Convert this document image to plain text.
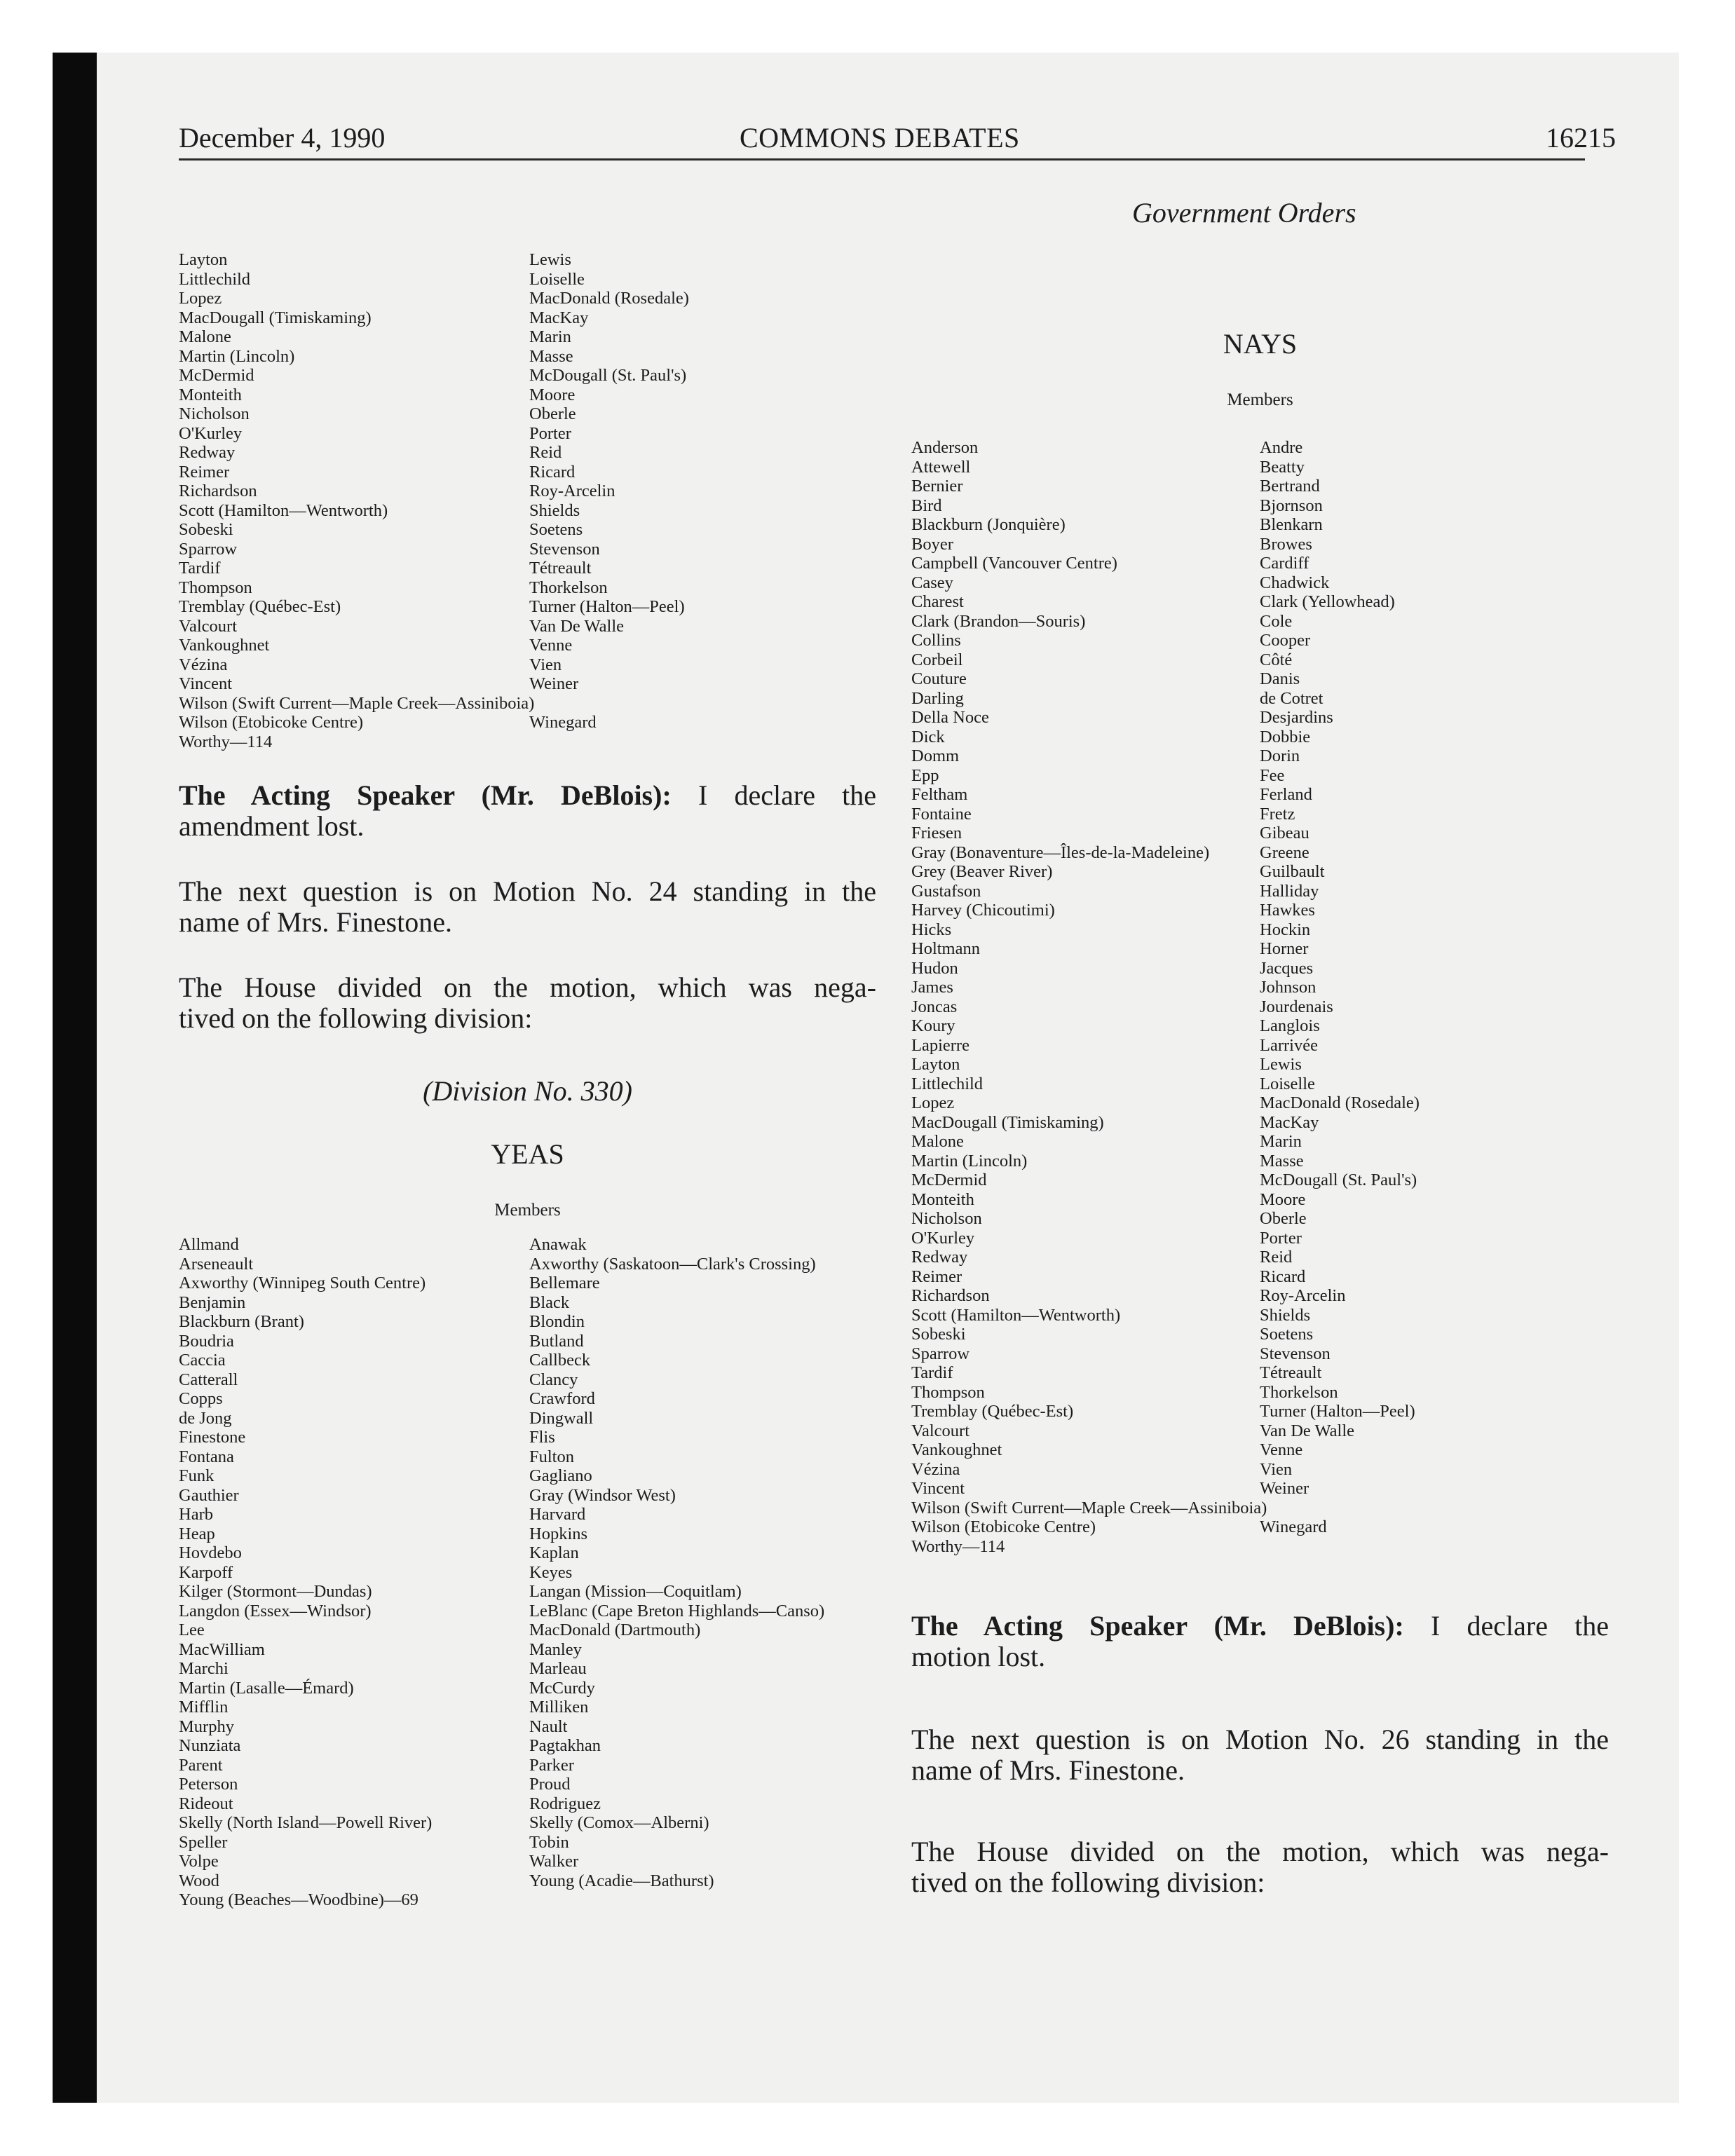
December 4, 1990	COMMONS DEBATES	16215
Government Orders
Layton
Littlechild
Lopez
MacDougall (Timiskaming)
Malone
Martin (Lincoln)
McDermid
Monteith
Nicholson
O'Kurley
Redway
Reimer
Richardson
Scott (Hamilton—Wentworth)
Sobeski
Sparrow
Tardif
Thompson
Tremblay (Québec-Est)
Valcourt
Vankoughnet
Vézina
Vincent
Lewis
Loiselle
MacDonald (Rosedale)
MacKay
Marin
Masse
McDougall (St. Paul's)
Moore
Oberle
Porter
Reid
Ricard
Roy-Arcelin
Shields
Soetens
Stevenson
Tétreault
Thorkelson
Turner (Halton—Peel)
Van De Walle
Venne
Vien
Weiner
Wilson (Swift Current—Maple Creek—Assiniboia)
Wilson (Etobicoke Centre)
Worthy—114
Winegard
The Acting Speaker (Mr. DeBlois): I declare the
amendment lost.
The next question is on Motion No. 24 standing in the
name of Mrs. Finestone.
The House divided on the motion, which was nega-
tived on the following division:
(Division No. 330)
YEAS
Members
Allmand
Arseneault
Axworthy (Winnipeg South Centre)
Benjamin
Blackburn (Brant)
Boudria
Caccia
Catterall
Copps
de Jong
Finestone
Fontana
Funk
Gauthier
Harb
Heap
Hovdebo
Karpoff
Kilger (Stormont—Dundas)
Langdon (Essex—Windsor)
Lee
MacWilliam
Marchi
Martin (Lasalle—Émard)
Mifflin
Murphy
Nunziata
Parent
Peterson
Rideout
Skelly (North Island—Powell River)
Speller
Volpe
Wood
Young (Beaches—Woodbine)—69
Anawak
Axworthy (Saskatoon—Clark's Crossing)
Bellemare
Black
Blondin
Butland
Callbeck
Clancy
Crawford
Dingwall
Flis
Fulton
Gagliano
Gray (Windsor West)
Harvard
Hopkins
Kaplan
Keyes
Langan (Mission—Coquitlam)
LeBlanc (Cape Breton Highlands—Canso)
MacDonald (Dartmouth)
Manley
Marleau
McCurdy
Milliken
Nault
Pagtakhan
Parker
Proud
Rodriguez
Skelly (Comox—Alberni)
Tobin
Walker
Young (Acadie—Bathurst)
NAYS
Members
Anderson
Attewell
Bernier
Bird
Blackburn (Jonquière)
Boyer
Campbell (Vancouver Centre)
Casey
Charest
Clark (Brandon—Souris)
Collins
Corbeil
Couture
Darling
Della Noce
Dick
Domm
Epp
Feltham
Fontaine
Friesen
Gray (Bonaventure—Îles-de-la-Madeleine)
Grey (Beaver River)
Gustafson
Harvey (Chicoutimi)
Hicks
Holtmann
Hudon
James
Joncas
Koury
Lapierre
Layton
Littlechild
Lopez
MacDougall (Timiskaming)
Malone
Martin (Lincoln)
McDermid
Monteith
Nicholson
O'Kurley
Redway
Reimer
Richardson
Scott (Hamilton—Wentworth)
Sobeski
Sparrow
Tardif
Thompson
Tremblay (Québec-Est)
Valcourt
Vankoughnet
Vézina
Vincent
Andre
Beatty
Bertrand
Bjornson
Blenkarn
Browes
Cardiff
Chadwick
Clark (Yellowhead)
Cole
Cooper
Côté
Danis
de Cotret
Desjardins
Dobbie
Dorin
Fee
Ferland
Fretz
Gibeau
Greene
Guilbault
Halliday
Hawkes
Hockin
Horner
Jacques
Johnson
Jourdenais
Langlois
Larrivée
Lewis
Loiselle
MacDonald (Rosedale)
MacKay
Marin
Masse
McDougall (St. Paul's)
Moore
Oberle
Porter
Reid
Ricard
Roy-Arcelin
Shields
Soetens
Stevenson
Tétreault
Thorkelson
Turner (Halton—Peel)
Van De Walle
Venne
Vien
Weiner
Wilson (Swift Current—Maple Creek—Assiniboia)
Wilson (Etobicoke Centre)
Worthy—114
Winegard
The Acting Speaker (Mr. DeBlois): I declare the
motion lost.
The next question is on Motion No. 26 standing in the
name of Mrs. Finestone.
The House divided on the motion, which was nega-
tived on the following division:
